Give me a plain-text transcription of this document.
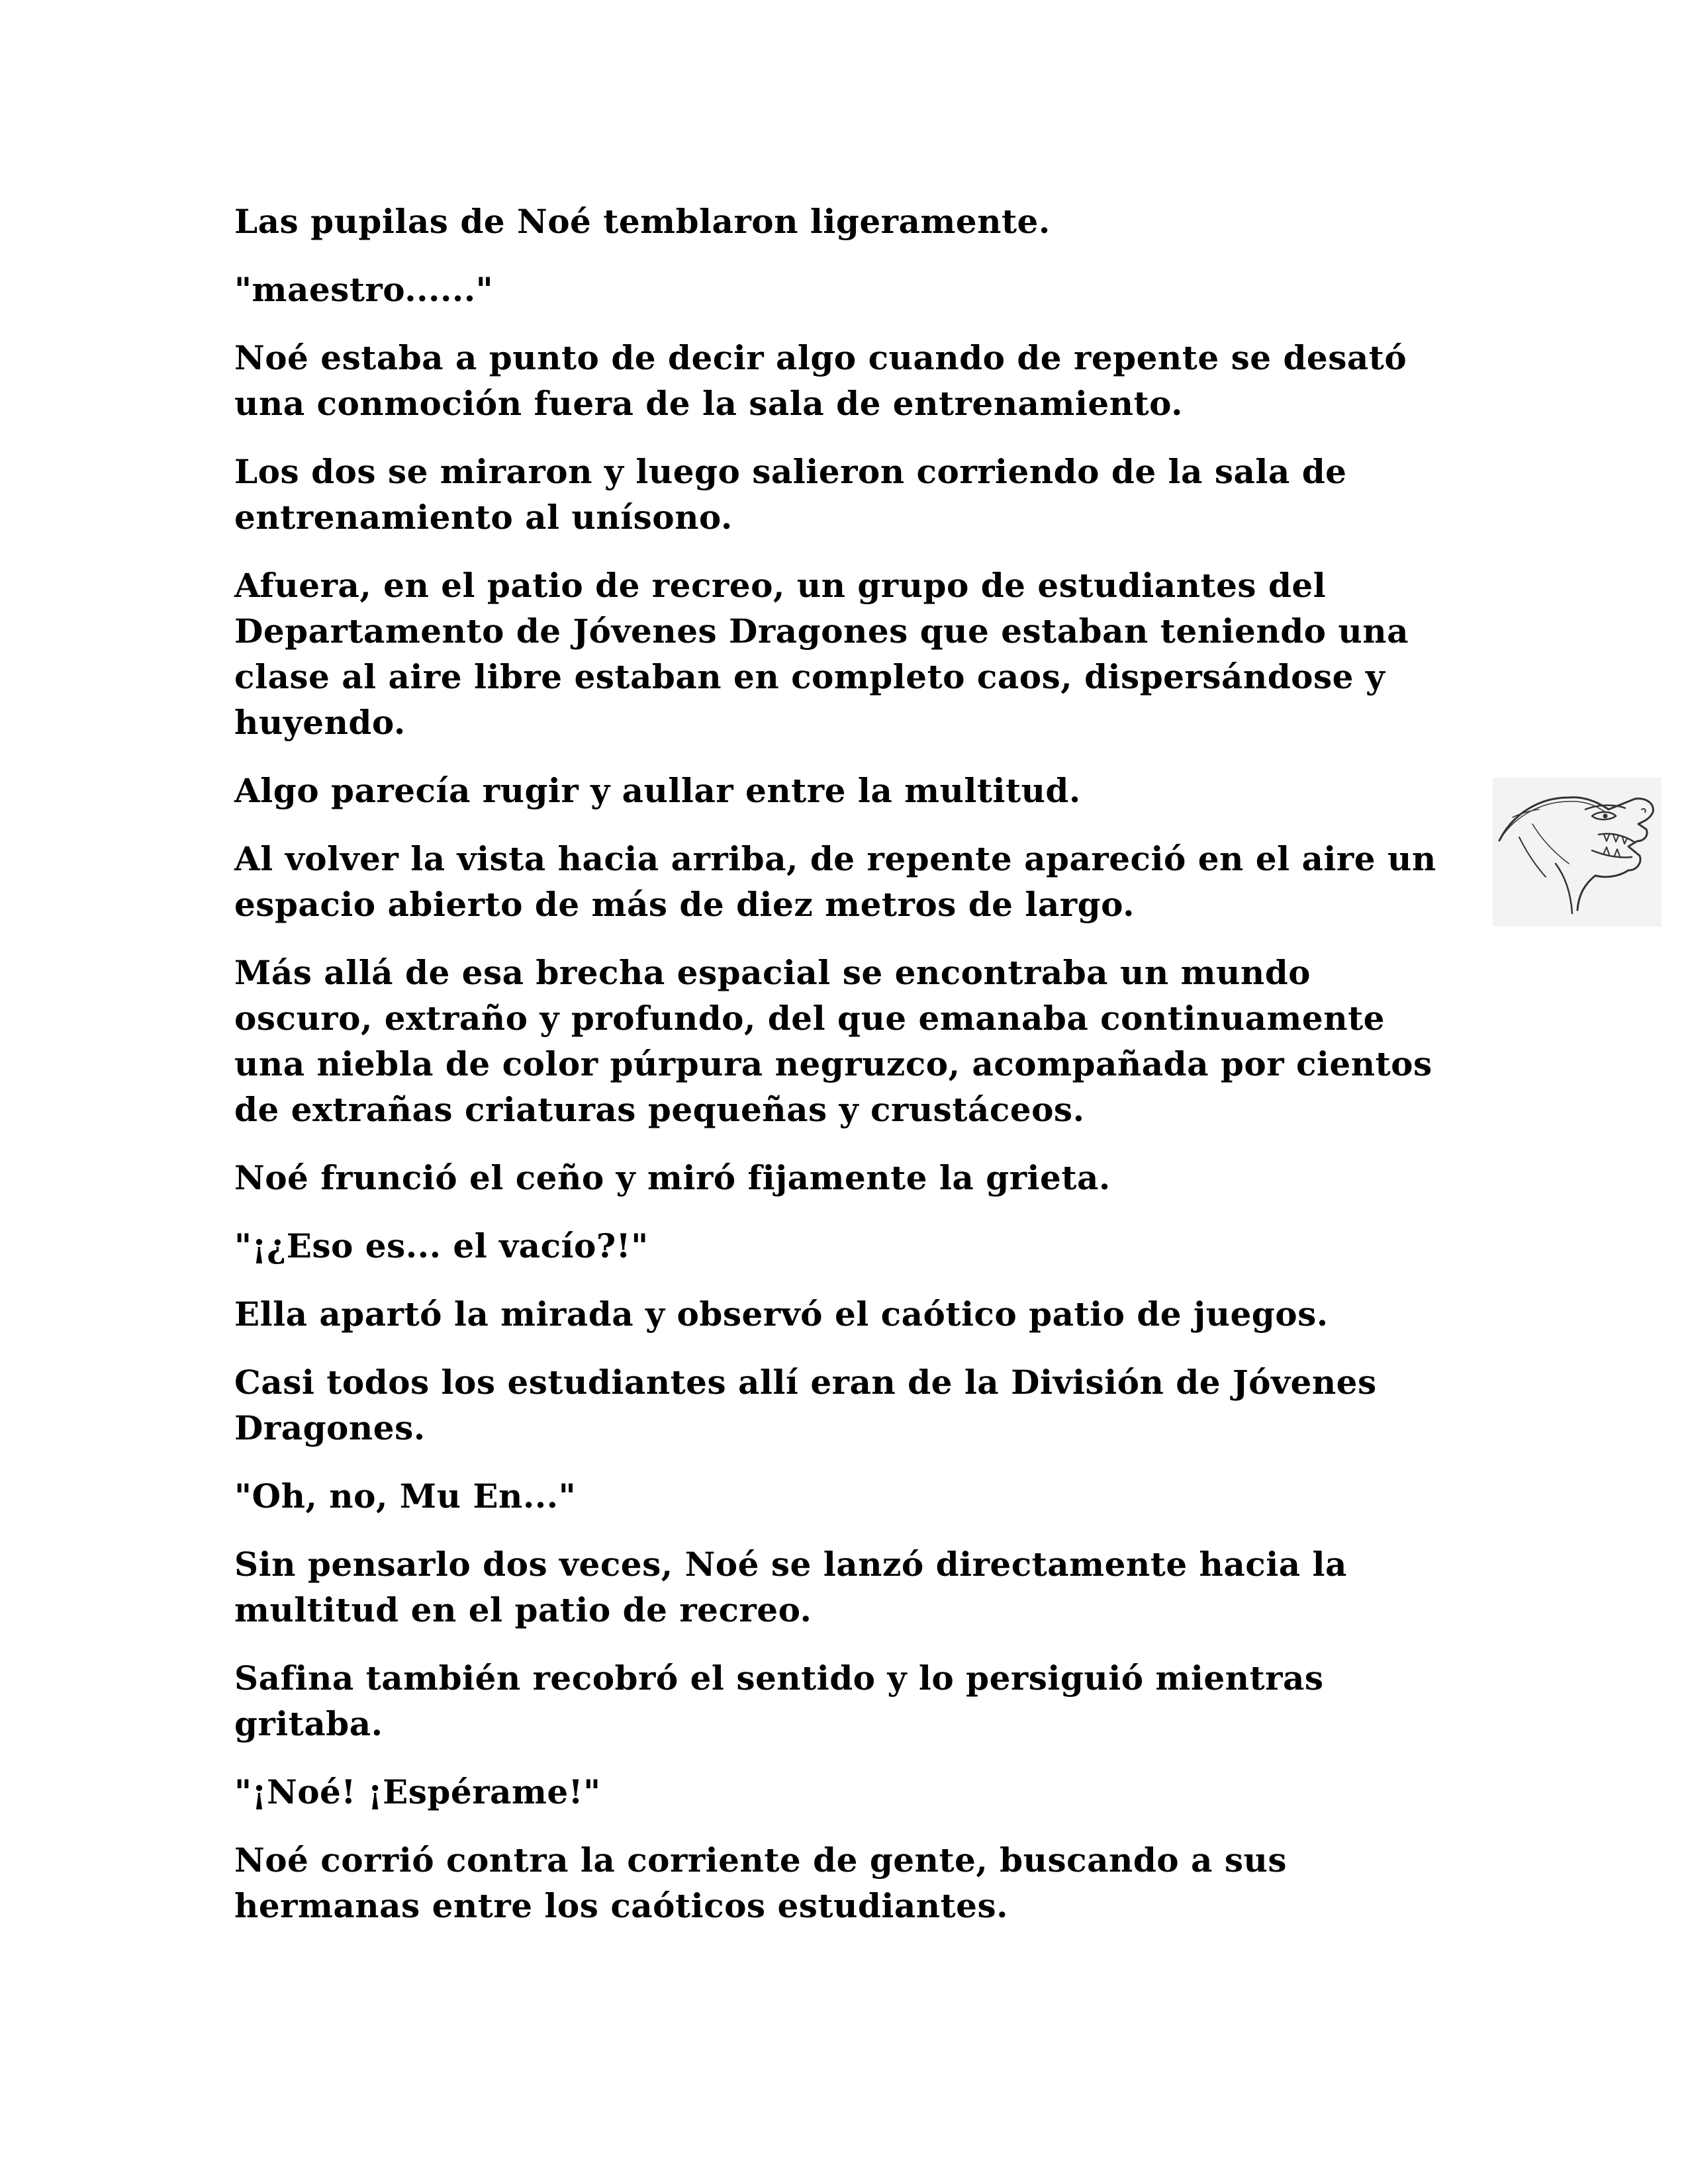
Las pupilas de Noé temblaron ligeramente.

"maestro......"

Noé estaba a punto de decir algo cuando de repente se desató una conmoción fuera de la sala de entrenamiento.

Los dos se miraron y luego salieron corriendo de la sala de entrenamiento al unísono.

Afuera, en el patio de recreo, un grupo de estudiantes del Departamento de Jóvenes Dragones que estaban teniendo una clase al aire libre estaban en completo caos, dispersándose y huyendo.

Algo parecía rugir y aullar entre la multitud.

Al volver la vista hacia arriba, de repente apareció en el aire un espacio abierto de más de diez metros de largo.

Más allá de esa brecha espacial se encontraba un mundo oscuro, extraño y profundo, del que emanaba continuamente una niebla de color púrpura negruzco, acompañada por cientos de extrañas criaturas pequeñas y crustáceos.

Noé frunció el ceño y miró fijamente la grieta.

"¡¿Eso es... el vacío?!"

Ella apartó la mirada y observó el caótico patio de juegos.

Casi todos los estudiantes allí eran de la División de Jóvenes Dragones.

"Oh, no, Mu En..."

Sin pensarlo dos veces, Noé se lanzó directamente hacia la multitud en el patio de recreo.

Safina también recobró el sentido y lo persiguió mientras gritaba.

"¡Noé! ¡Espérame!"

Noé corrió contra la corriente de gente, buscando a sus hermanas entre los caóticos estudiantes.
